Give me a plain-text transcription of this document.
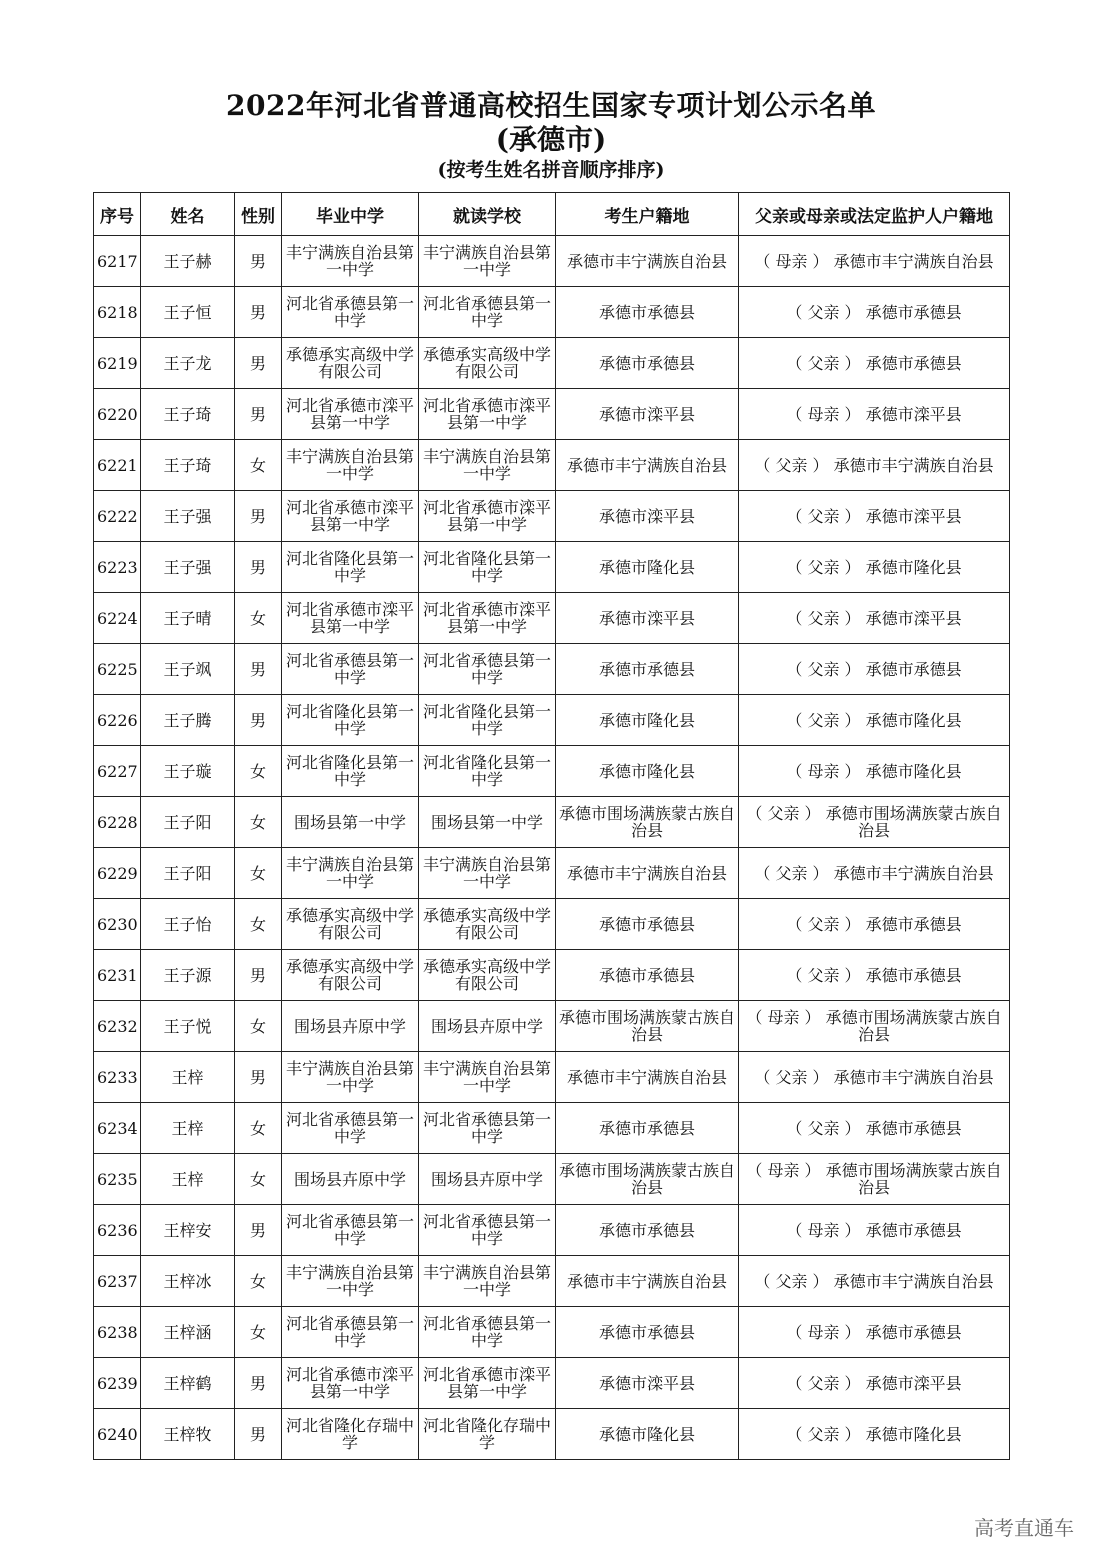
2022年河北省普通高校招生国家专项计划公示名单
(承德市)
(按考生姓名拼音顺序排序)
序号	姓名	性别	毕业中学	就读学校	考生户籍地	父亲或母亲或法定监护人户籍地
6217	王子赫	男	丰宁满族自治县第一中学	丰宁满族自治县第一中学	承德市丰宁满族自治县	（ 母亲 ） 承德市丰宁满族自治县
6218	王子恒	男	河北省承德县第一中学	河北省承德县第一中学	承德市承德县	（ 父亲 ） 承德市承德县
6219	王子龙	男	承德承实高级中学有限公司	承德承实高级中学有限公司	承德市承德县	（ 父亲 ） 承德市承德县
6220	王子琦	男	河北省承德市滦平县第一中学	河北省承德市滦平县第一中学	承德市滦平县	（ 母亲 ） 承德市滦平县
6221	王子琦	女	丰宁满族自治县第一中学	丰宁满族自治县第一中学	承德市丰宁满族自治县	（ 父亲 ） 承德市丰宁满族自治县
6222	王子强	男	河北省承德市滦平县第一中学	河北省承德市滦平县第一中学	承德市滦平县	（ 父亲 ） 承德市滦平县
6223	王子强	男	河北省隆化县第一中学	河北省隆化县第一中学	承德市隆化县	（ 父亲 ） 承德市隆化县
6224	王子晴	女	河北省承德市滦平县第一中学	河北省承德市滦平县第一中学	承德市滦平县	（ 父亲 ） 承德市滦平县
6225	王子飒	男	河北省承德县第一中学	河北省承德县第一中学	承德市承德县	（ 父亲 ） 承德市承德县
6226	王子腾	男	河北省隆化县第一中学	河北省隆化县第一中学	承德市隆化县	（ 父亲 ） 承德市隆化县
6227	王子璇	女	河北省隆化县第一中学	河北省隆化县第一中学	承德市隆化县	（ 母亲 ） 承德市隆化县
6228	王子阳	女	围场县第一中学	围场县第一中学	承德市围场满族蒙古族自治县	（ 父亲 ） 承德市围场满族蒙古族自治县
6229	王子阳	女	丰宁满族自治县第一中学	丰宁满族自治县第一中学	承德市丰宁满族自治县	（ 父亲 ） 承德市丰宁满族自治县
6230	王子怡	女	承德承实高级中学有限公司	承德承实高级中学有限公司	承德市承德县	（ 父亲 ） 承德市承德县
6231	王子源	男	承德承实高级中学有限公司	承德承实高级中学有限公司	承德市承德县	（ 父亲 ） 承德市承德县
6232	王子悦	女	围场县卉原中学	围场县卉原中学	承德市围场满族蒙古族自治县	（ 母亲 ） 承德市围场满族蒙古族自治县
6233	王梓	男	丰宁满族自治县第一中学	丰宁满族自治县第一中学	承德市丰宁满族自治县	（ 父亲 ） 承德市丰宁满族自治县
6234	王梓	女	河北省承德县第一中学	河北省承德县第一中学	承德市承德县	（ 父亲 ） 承德市承德县
6235	王梓	女	围场县卉原中学	围场县卉原中学	承德市围场满族蒙古族自治县	（ 母亲 ） 承德市围场满族蒙古族自治县
6236	王梓安	男	河北省承德县第一中学	河北省承德县第一中学	承德市承德县	（ 母亲 ） 承德市承德县
6237	王梓冰	女	丰宁满族自治县第一中学	丰宁满族自治县第一中学	承德市丰宁满族自治县	（ 父亲 ） 承德市丰宁满族自治县
6238	王梓涵	女	河北省承德县第一中学	河北省承德县第一中学	承德市承德县	（ 母亲 ） 承德市承德县
6239	王梓鹤	男	河北省承德市滦平县第一中学	河北省承德市滦平县第一中学	承德市滦平县	（ 父亲 ） 承德市滦平县
6240	王梓牧	男	河北省隆化存瑞中学	河北省隆化存瑞中学	承德市隆化县	（ 父亲 ） 承德市隆化县
高考直通车
